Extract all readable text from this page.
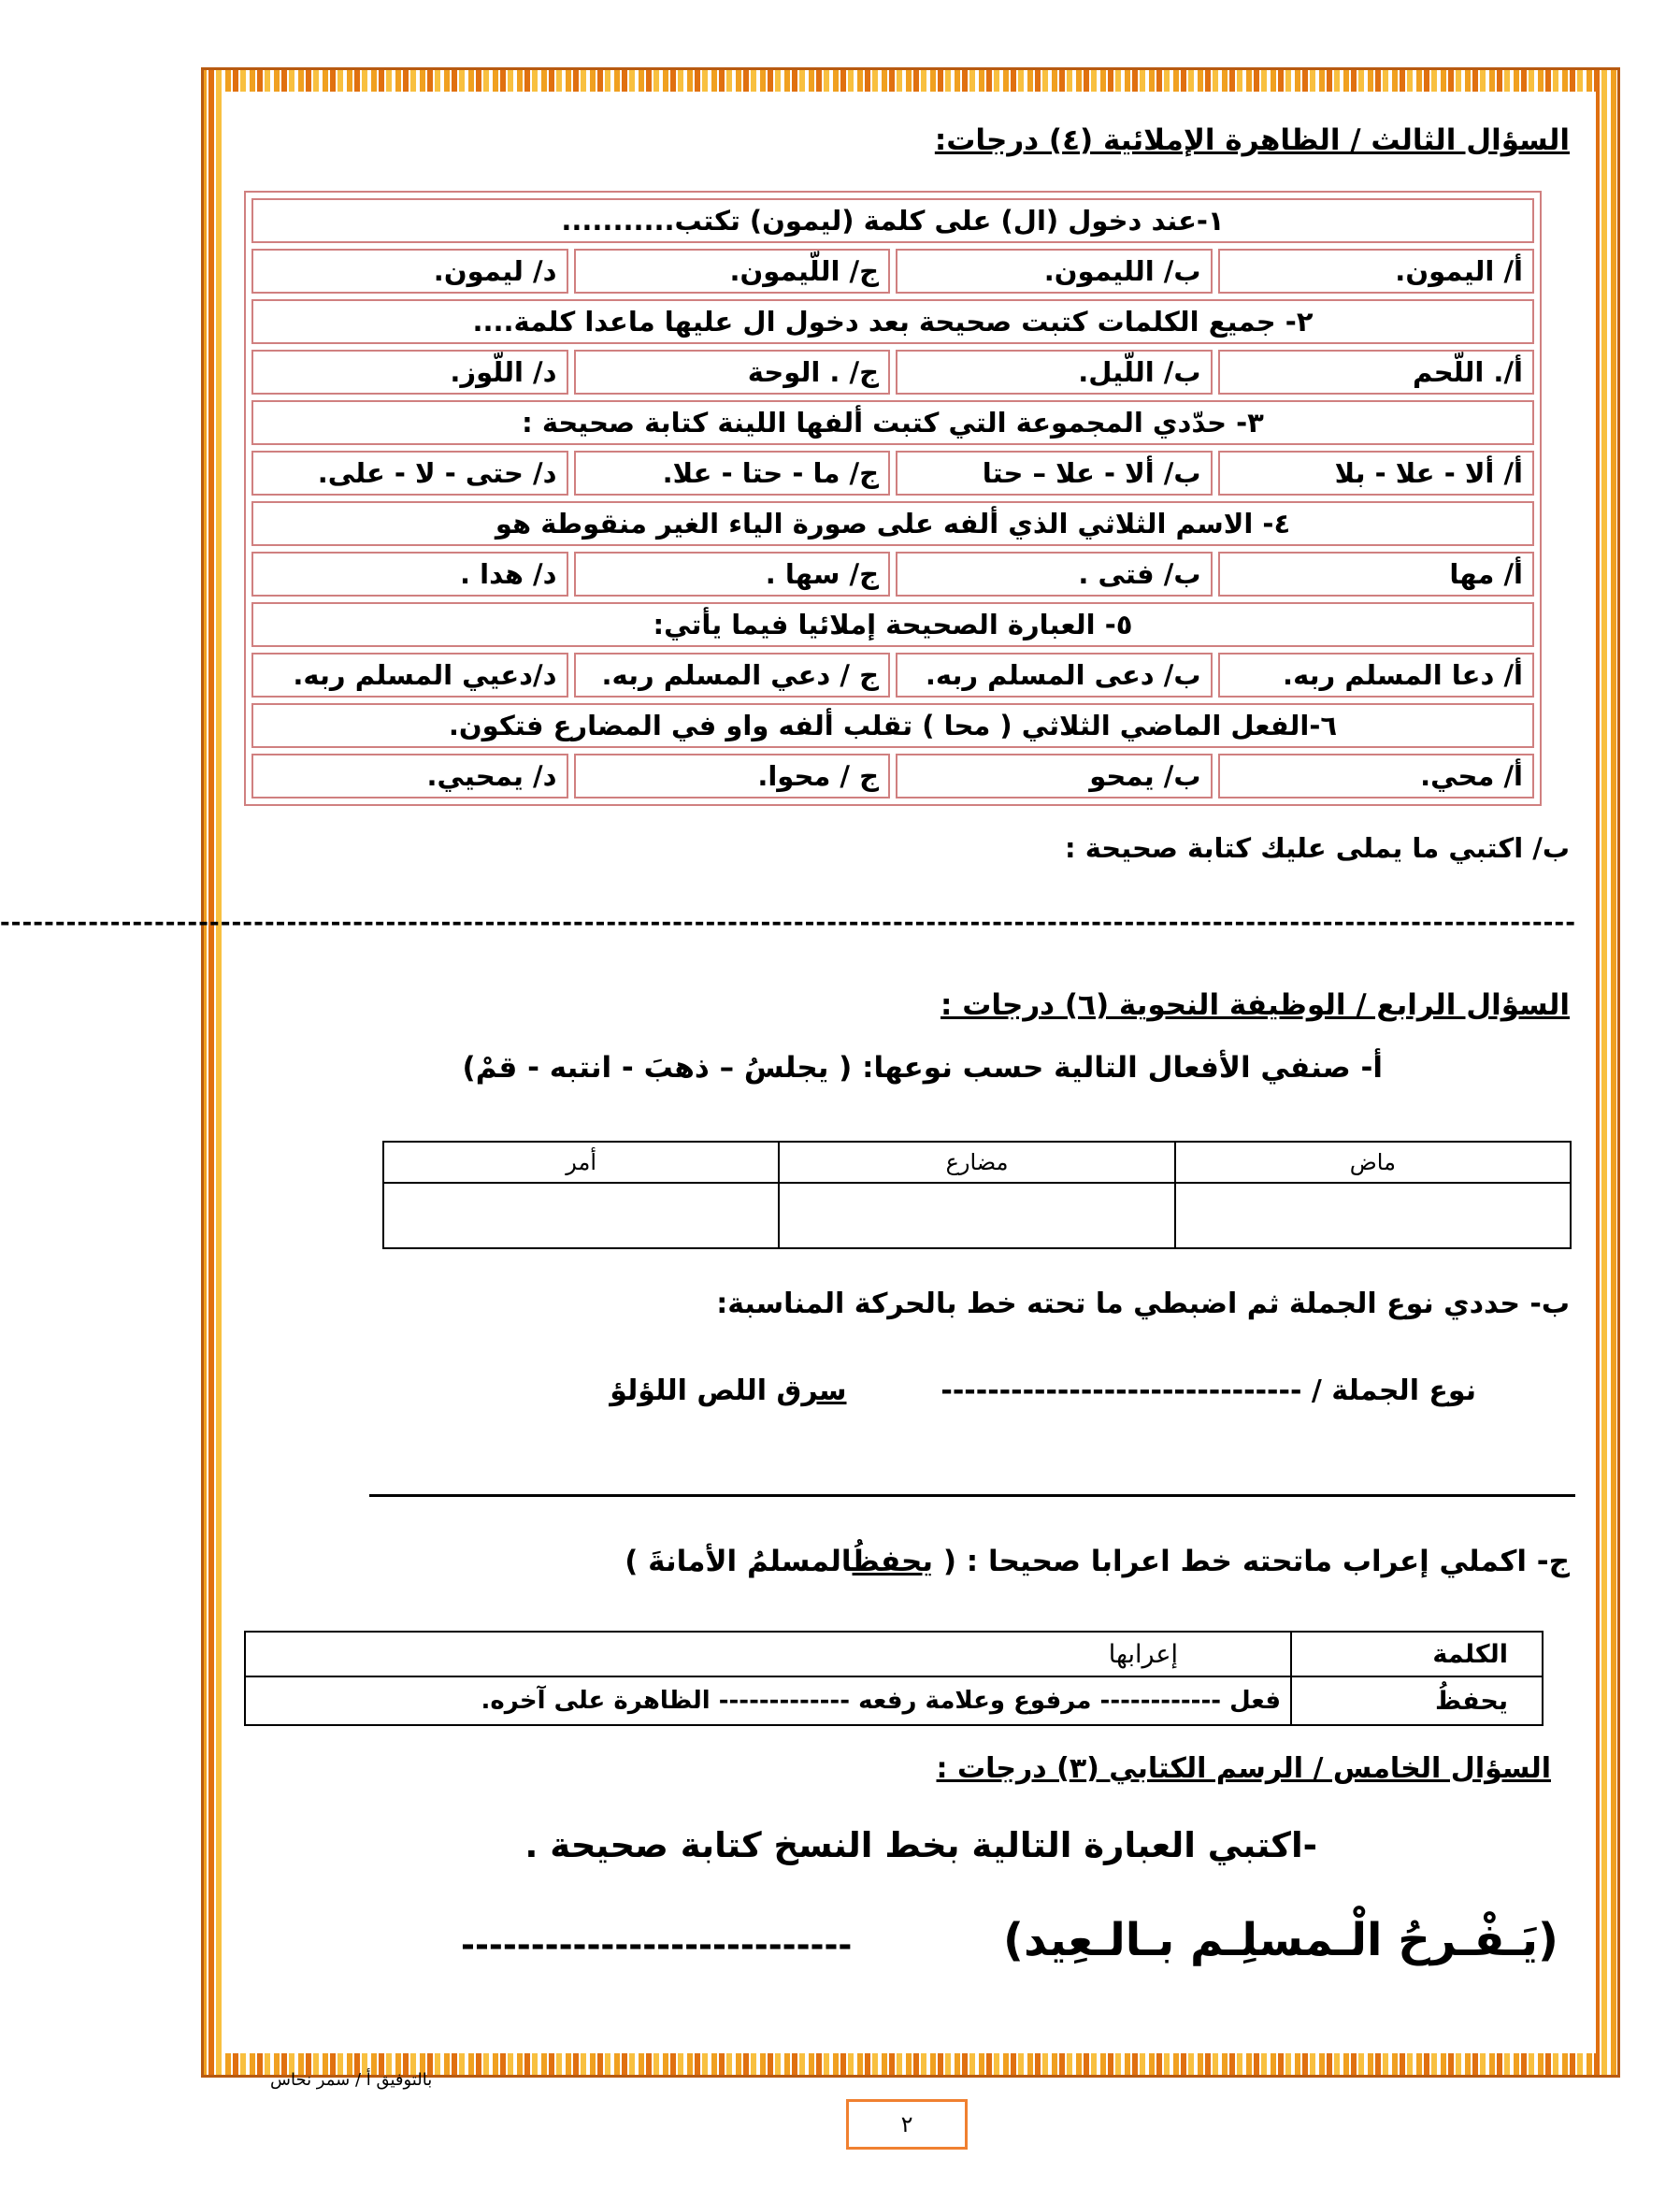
السؤال الثالث / الظاهرة الإملائية (٤) درجات:
١-عند دخول (ال) على كلمة (ليمون) تكتب...........			
أ/ اليمون.	ب/ الليمون.	ج/ اللّيمون.	د/ ليمون.
٢- جميع الكلمات كتبت صحيحة بعد دخول ال عليها ماعدا كلمة....			
أ/. اللّحم	ب/ اللّيل.	ج/ . الوحة	د/ اللّوز.
٣- حدّدي المجموعة التي كتبت ألفها اللينة كتابة صحيحة :			
أ/ ألا - علا - بلا	ب/ ألا - علا – حتا	ج/ ما - حتا - علا.	د/ حتى - لا - على.
٤- الاسم الثلاثي الذي ألفه على صورة الياء الغير منقوطة هو			
أ/ مها	ب/ فتى .	ج/ سها .	د/ هدا .
٥- العبارة الصحيحة إملائيا فيما يأتي:			
أ/ دعا المسلم ربه.	ب/ دعى المسلم ربه.	ج / دعي المسلم ربه.	د/دعيي المسلم ربه.
٦-الفعل الماضي الثلاثي ( محا ) تقلب ألفه واو في المضارع فتكون.			
أ/ محي.	ب/ يمحو	ج / محوا.	د/ يمحيي.
ب/ اكتبي ما يملى عليك كتابة صحيحة :
-----------------------------------------------------------------------------------------------------------------------------------------------
السؤال الرابع / الوظيفة النحوية (٦) درجات :
أ- صنفي الأفعال التالية حسب نوعها: ( يجلسُ – ذهبَ - انتبه - قمْ)
ماض	مضارع	أمر

ب- حددي نوع الجملة ثم اضبطي ما تحته خط بالحركة المناسبة:
نوع الجملة / -------------------------------  سرق اللص اللؤلؤ
ج- اكملي إعراب ماتحته خط اعرابا صحيحا : ( يحفظُالمسلمُ الأمانةَ )
الكلمة	إعرابها
يحفظُ	فعل ------------ مرفوع وعلامة رفعه ------------- الظاهرة على آخره.
السؤال الخامس / الرسم الكتابي (٣) درجات :
-اكتبي العبارة التالية بخط النسخ كتابة صحيحة .
(يَـفْـرحُ الْـمسلِـم بـالـعِيد)
----------------------------
بالتوفيق أ / سمر نحاس
٢
